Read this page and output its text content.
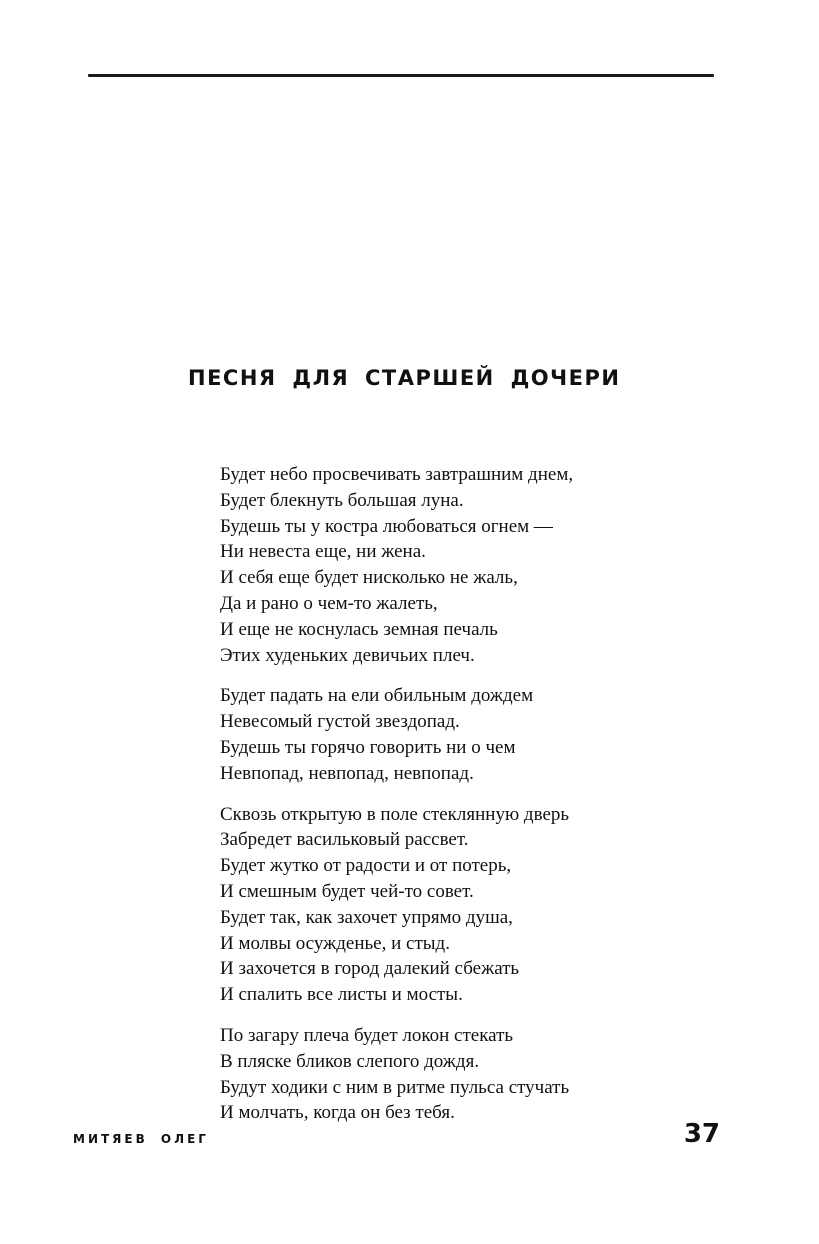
ПЕСНЯ ДЛЯ СТАРШЕЙ ДОЧЕРИ
Будет небо просвечивать завтрашним днем,
Будет блекнуть большая луна.
Будешь ты у костра любоваться огнем —
Ни невеста еще, ни жена.
И себя еще будет нисколько не жаль,
Да и рано о чем-то жалеть,
И еще не коснулась земная печаль
Этих худеньких девичьих плеч.
Будет падать на ели обильным дождем
Невесомый густой звездопад.
Будешь ты горячо говорить ни о чем
Невпопад, невпопад, невпопад.
Сквозь открытую в поле стеклянную дверь
Забредет васильковый рассвет.
Будет жутко от радости и от потерь,
И смешным будет чей-то совет.
Будет так, как захочет упрямо душа,
И молвы осужденье, и стыд.
И захочется в город далекий сбежать
И спалить все листы и мосты.
По загару плеча будет локон стекать
В пляске бликов слепого дождя.
Будут ходики с ним в ритме пульса стучать
И молчать, когда он без тебя.
МИТЯЕВ ОЛЕГ	37
